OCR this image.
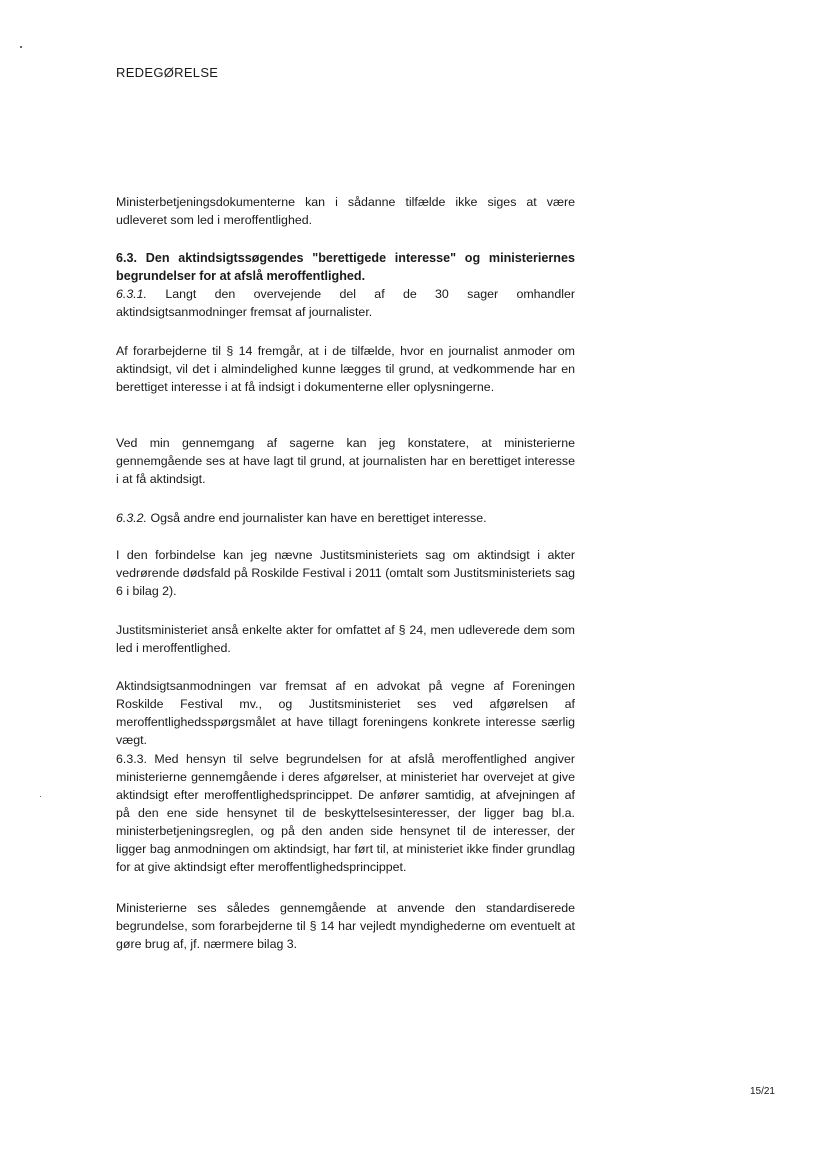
REDEGØRELSE

Ministerbetjeningsdokumenterne kan i sådanne tilfælde ikke siges at være udleveret som led i meroffentlighed.

6.3. Den aktindsigtssøgendes "berettigede interesse" og ministeriernes begrundelser for at afslå meroffentlighed.

6.3.1. Langt den overvejende del af de 30 sager omhandler aktindsigtsanmodninger fremsat af journalister.

Af forarbejderne til § 14 fremgår, at i de tilfælde, hvor en journalist anmoder om aktindsigt, vil det i almindelighed kunne lægges til grund, at vedkommende har en berettiget interesse i at få indsigt i dokumenterne eller oplysningerne.

Ved min gennemgang af sagerne kan jeg konstatere, at ministerierne gennemgående ses at have lagt til grund, at journalisten har en berettiget interesse i at få aktindsigt.

6.3.2. Også andre end journalister kan have en berettiget interesse.

I den forbindelse kan jeg nævne Justitsministeriets sag om aktindsigt i akter vedrørende dødsfald på Roskilde Festival i 2011 (omtalt som Justitsministeriets sag 6 i bilag 2).

Justitsministeriet anså enkelte akter for omfattet af § 24, men udleverede dem som led i meroffentlighed.

Aktindsigtsanmodningen var fremsat af en advokat på vegne af Foreningen Roskilde Festival mv., og Justitsministeriet ses ved afgørelsen af meroffentlighedsspørgsmålet at have tillagt foreningens konkrete interesse særlig vægt.

6.3.3. Med hensyn til selve begrundelsen for at afslå meroffentlighed angiver ministerierne gennemgående i deres afgørelser, at ministeriet har overvejet at give aktindsigt efter meroffentlighedsprincippet. De anfører samtidig, at afvejningen af på den ene side hensynet til de beskyttelsesinteresser, der ligger bag bl.a. ministerbetjeningsreglen, og på den anden side hensynet til de interesser, der ligger bag anmodningen om aktindsigt, har ført til, at ministeriet ikke finder grundlag for at give aktindsigt efter meroffentlighedsprincippet.

Ministerierne ses således gennemgående at anvende den standardiserede begrundelse, som forarbejderne til § 14 har vejledt myndighederne om eventuelt at gøre brug af, jf. nærmere bilag 3.

15/21
